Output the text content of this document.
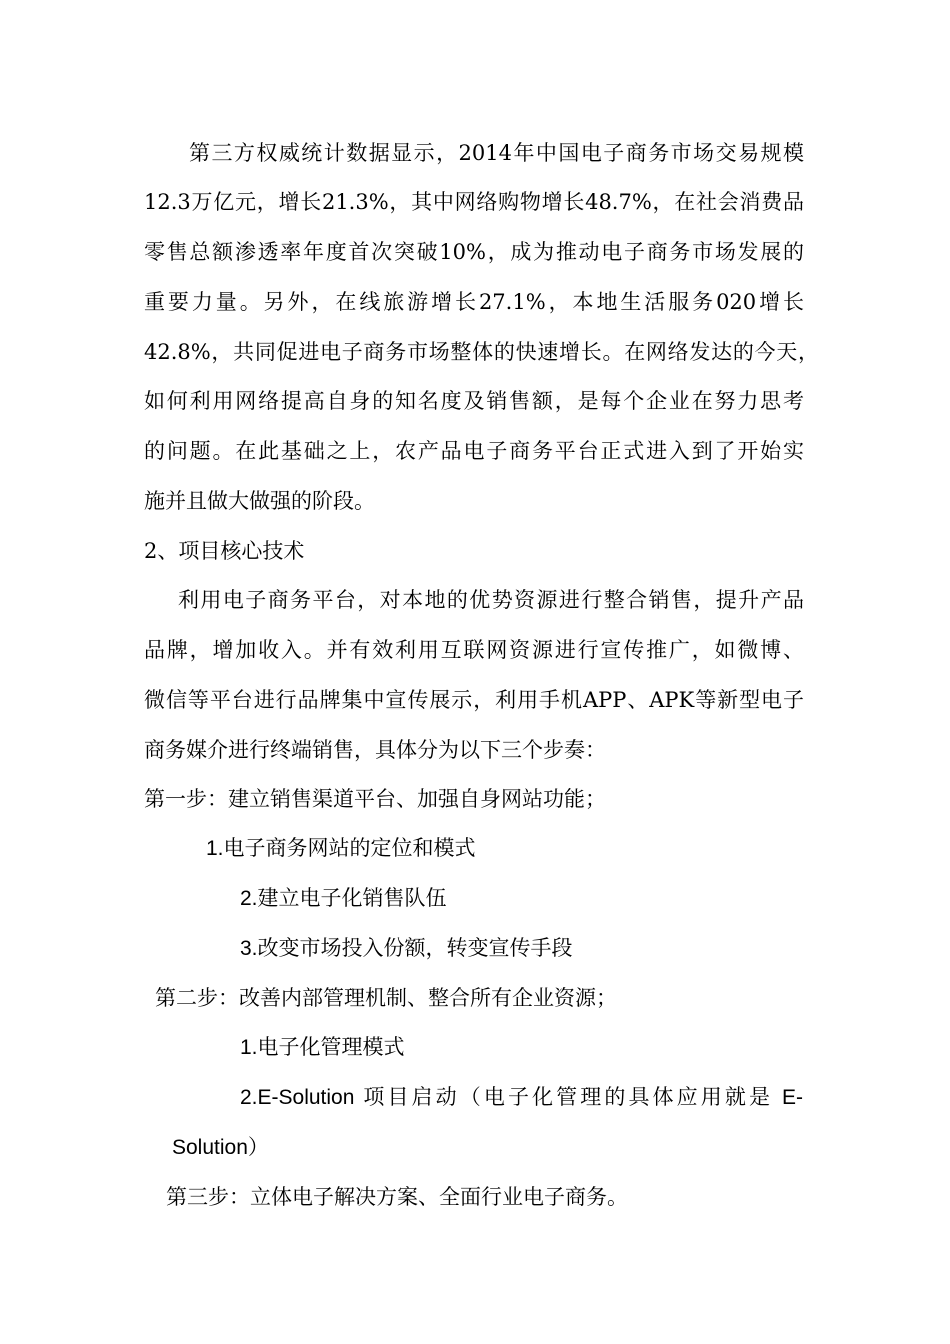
第三方权威统计数据显示，2014年中国电子商务市场交易规模
12.3万亿元，增长21.3%，其中网络购物增长48.7%，在社会消费品
零售总额渗透率年度首次突破10%，成为推动电子商务市场发展的
重要力量。另外，在线旅游增长27.1%，本地生活服务020增长
42.8%，共同促进电子商务市场整体的快速增长。在网络发达的今天，
如何利用网络提高自身的知名度及销售额，是每个企业在努力思考
的问题。在此基础之上，农产品电子商务平台正式进入到了开始实
施并且做大做强的阶段。
2、项目核心技术
利用电子商务平台，对本地的优势资源进行整合销售，提升产品
品牌，增加收入。并有效利用互联网资源进行宣传推广，如微博、
微信等平台进行品牌集中宣传展示，利用手机APP、APK等新型电子
商务媒介进行终端销售，具体分为以下三个步奏：
第一步：建立销售渠道平台、加强自身网站功能；
1.电子商务网站的定位和模式
2.建立电子化销售队伍
3.改变市场投入份额，转变宣传手段
第二步：改善内部管理机制、整合所有企业资源；
1.电子化管理模式
2.E-Solution 项目启动（电子化管理的具体应用就是 E-
Solution）
第三步：立体电子解决方案、全面行业电子商务。
